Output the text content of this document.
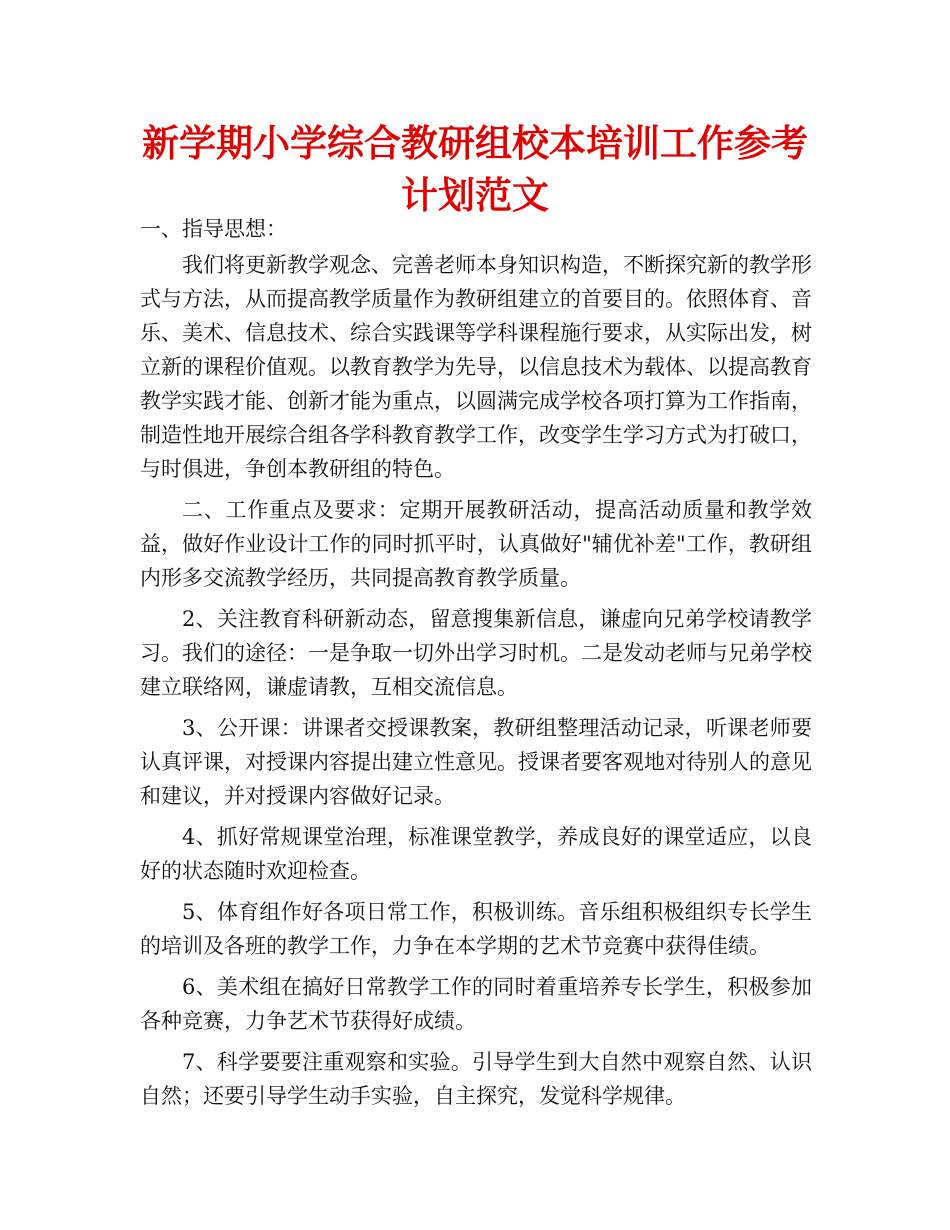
新学期小学综合教研组校本培训工作参考计划范文

一、指导思想：

我们将更新教学观念、完善老师本身知识构造，不断探究新的教学形式与方法，从而提高教学质量作为教研组建立的首要目的。依照体育、音乐、美术、信息技术、综合实践课等学科课程施行要求，从实际出发，树立新的课程价值观。以教育教学为先导，以信息技术为载体、以提高教育教学实践才能、创新才能为重点，以圆满完成学校各项打算为工作指南，制造性地开展综合组各学科教育教学工作，改变学生学习方式为打破口，与时俱进，争创本教研组的特色。

二、工作重点及要求：定期开展教研活动，提高活动质量和教学效益，做好作业设计工作的同时抓平时，认真做好"辅优补差"工作，教研组内形多交流教学经历，共同提高教育教学质量。

2、关注教育科研新动态，留意搜集新信息，谦虚向兄弟学校请教学习。我们的途径：一是争取一切外出学习时机。二是发动老师与兄弟学校建立联络网，谦虚请教，互相交流信息。

3、公开课：讲课者交授课教案，教研组整理活动记录，听课老师要认真评课，对授课内容提出建立性意见。授课者要客观地对待别人的意见和建议，并对授课内容做好记录。

4、抓好常规课堂治理，标准课堂教学，养成良好的课堂适应，以良好的状态随时欢迎检查。

5、体育组作好各项日常工作，积极训练。音乐组积极组织专长学生的培训及各班的教学工作，力争在本学期的艺术节竞赛中获得佳绩。

6、美术组在搞好日常教学工作的同时着重培养专长学生，积极参加各种竞赛，力争艺术节获得好成绩。

7、科学要要注重观察和实验。引导学生到大自然中观察自然、认识自然；还要引导学生动手实验，自主探究，发觉科学规律。
